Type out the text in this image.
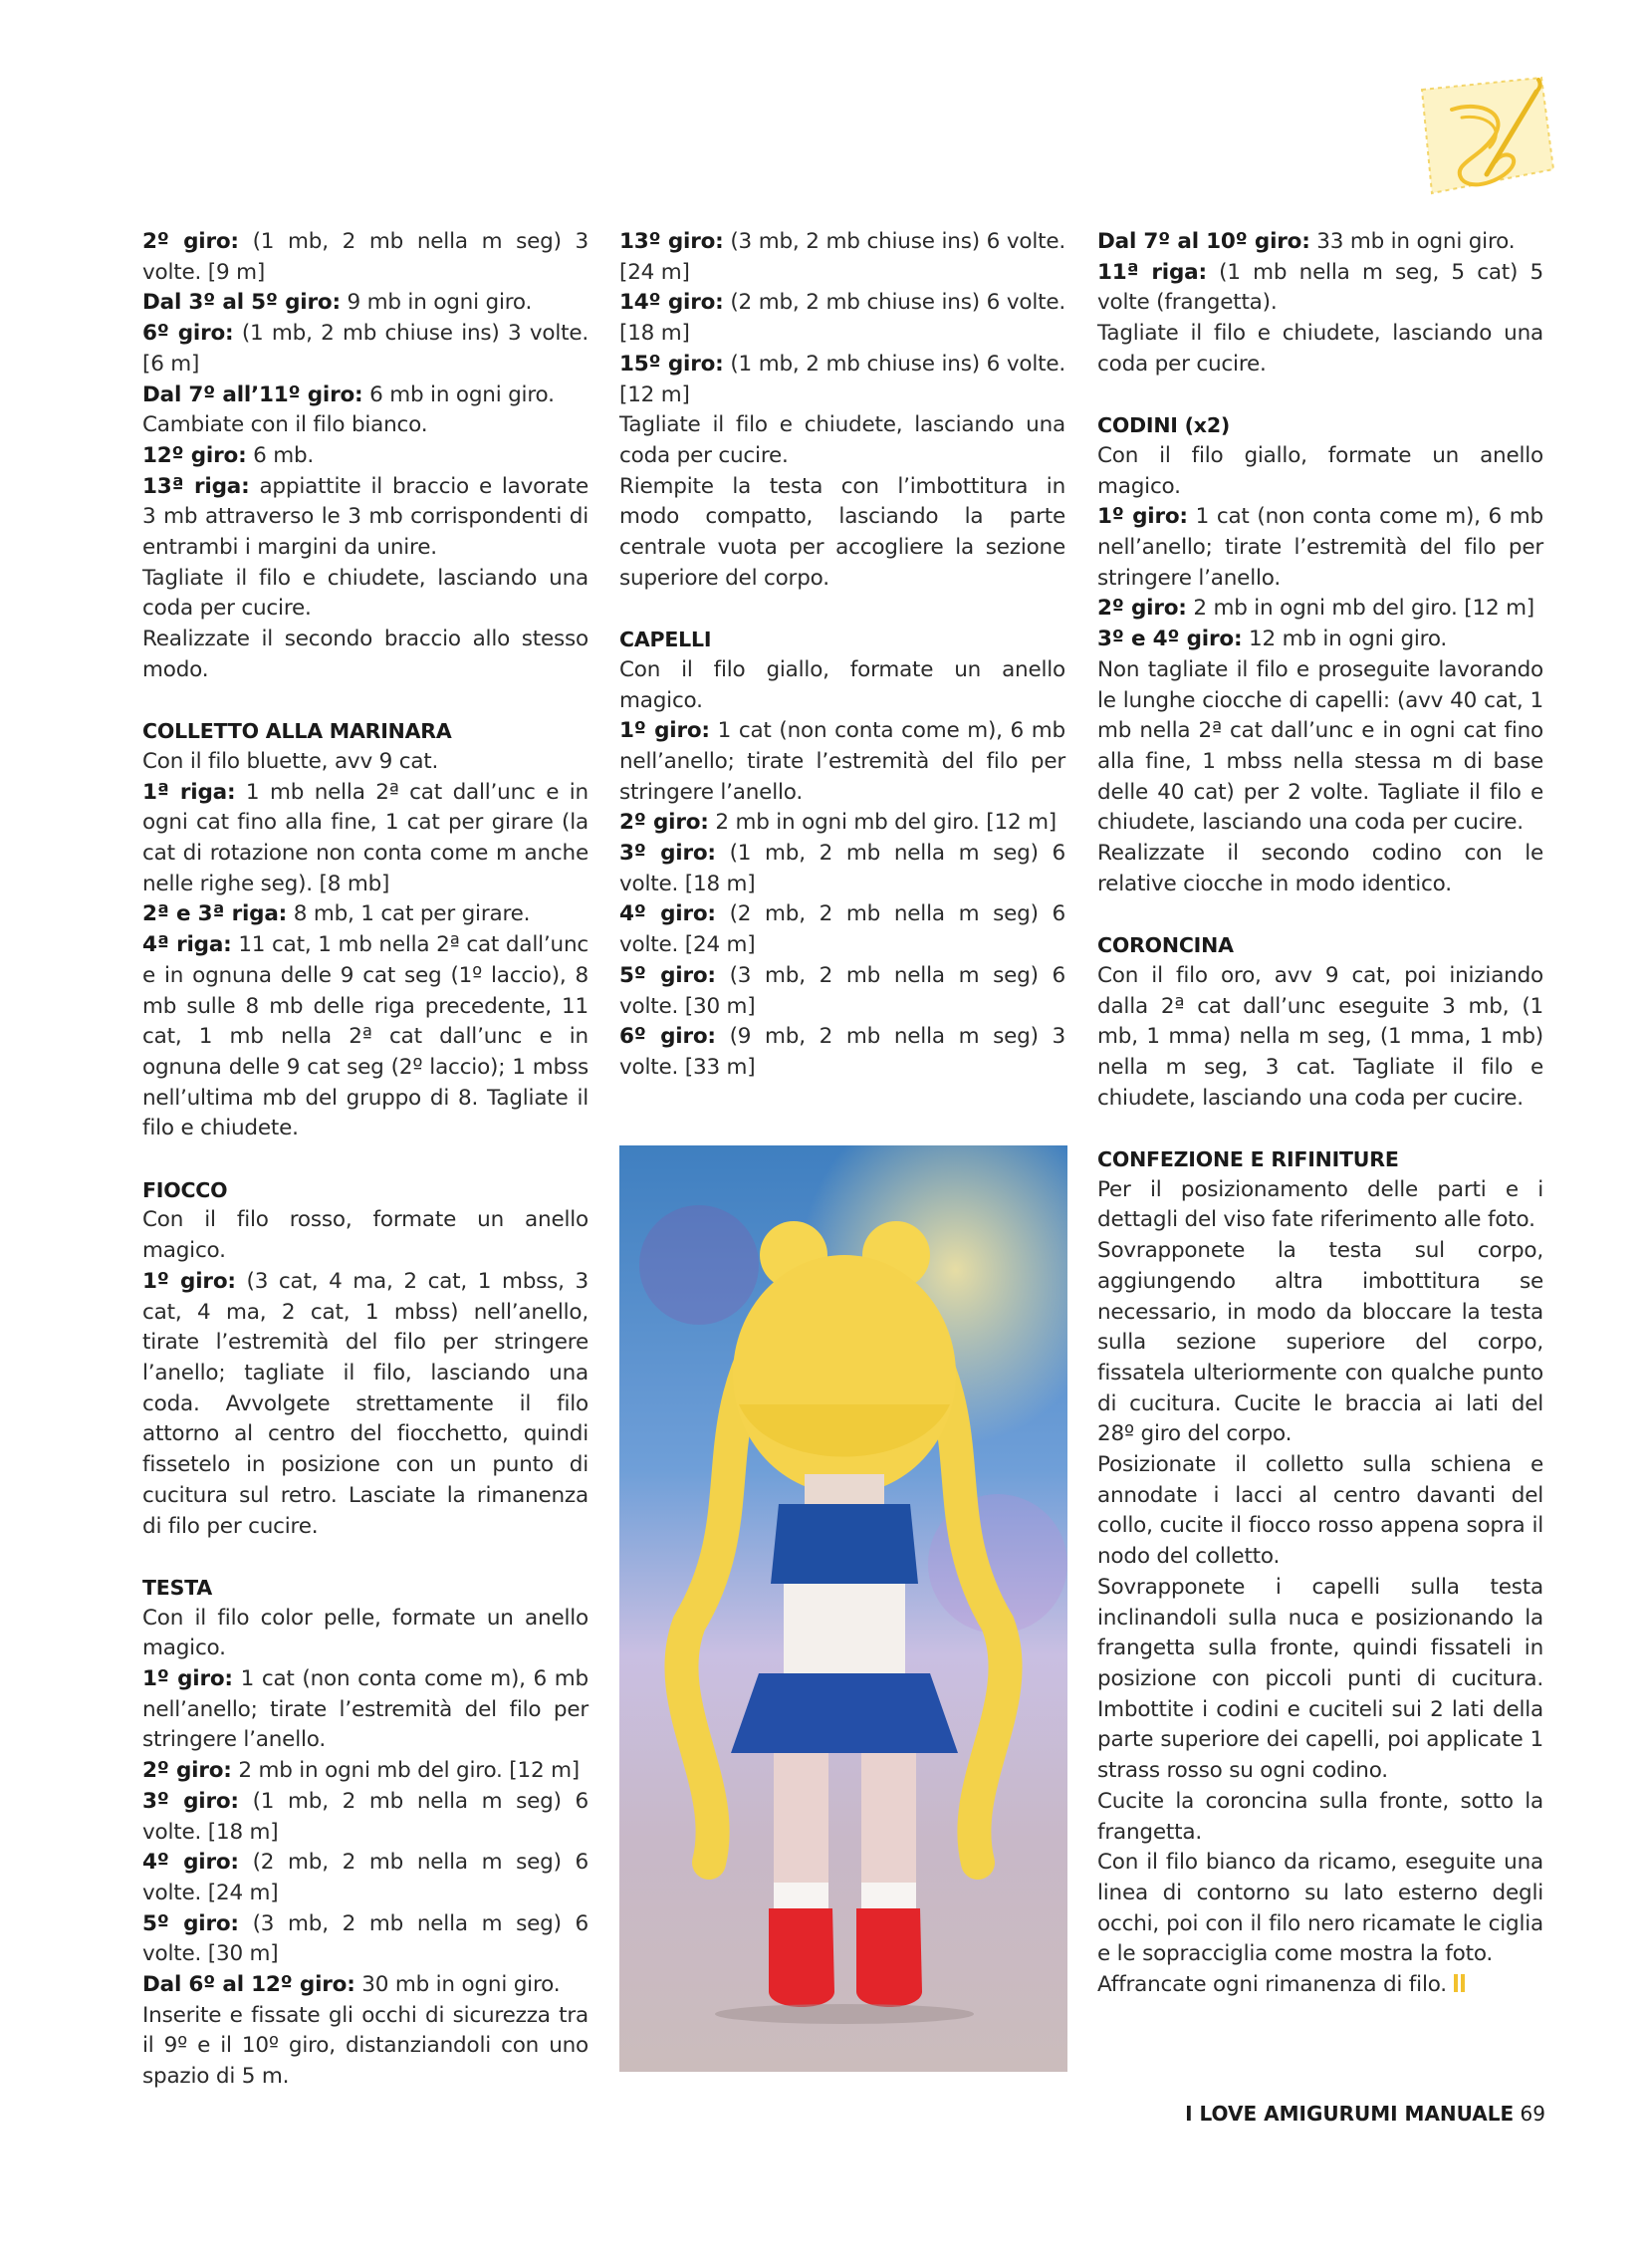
2º giro: (1 mb, 2 mb nella m seg) 3 volte. [9 m]

Dal 3º al 5º giro: 9 mb in ogni giro.

6º giro: (1 mb, 2 mb chiuse ins) 3 volte. [6 m]

Dal 7º all’11º giro: 6 mb in ogni giro.

Cambiate con il filo bianco.

12º giro: 6 mb.

13ª riga: appiattite il braccio e lavorate 3 mb attraverso le 3 mb corrispondenti di entrambi i margini da unire.

Tagliate il filo e chiudete, lasciando una coda per cucire.

Realizzate il secondo braccio allo stesso modo.

COLLETTO ALLA MARINARA

Con il filo bluette, avv 9 cat.

1ª riga: 1 mb nella 2ª cat dall’unc e in ogni cat fino alla fine, 1 cat per girare (la cat di rotazione non conta come m anche nelle righe seg). [8 mb]

2ª e 3ª riga: 8 mb, 1 cat per girare.

4ª riga: 11 cat, 1 mb nella 2ª cat dall’unc e in ognuna delle 9 cat seg (1º laccio), 8 mb sulle 8 mb delle riga precedente, 11 cat, 1 mb nella 2ª cat dall’unc e in ognuna delle 9 cat seg (2º laccio); 1 mbss nell’ultima mb del gruppo di 8. Tagliate il filo e chiudete.

FIOCCO

Con il filo rosso, formate un anello magico.

1º giro: (3 cat, 4 ma, 2 cat, 1 mbss, 3 cat, 4 ma, 2 cat, 1 mbss) nell’anello, tirate l’estremità del filo per stringere l’anello; tagliate il filo, lasciando una coda. Avvolgete strettamente il filo attorno al centro del fiocchetto, quindi fissetelo in posizione con un punto di cucitura sul retro. Lasciate la rimanenza di filo per cucire.

TESTA

Con il filo color pelle, formate un anello magico.

1º giro: 1 cat (non conta come m), 6 mb nell’anello; tirate l’estremità del filo per stringere l’anello.

2º giro: 2 mb in ogni mb del giro. [12 m]

3º giro: (1 mb, 2 mb nella m seg) 6 volte. [18 m]

4º giro: (2 mb, 2 mb nella m seg) 6 volte. [24 m]

5º giro: (3 mb, 2 mb nella m seg) 6 volte. [30 m]

Dal 6º al 12º giro: 30 mb in ogni giro.

Inserite e fissate gli occhi di sicurezza tra il 9º e il 10º giro, distanziandoli con uno spazio di 5 m.

13º giro: (3 mb, 2 mb chiuse ins) 6 volte. [24 m]

14º giro: (2 mb, 2 mb chiuse ins) 6 volte. [18 m]

15º giro: (1 mb, 2 mb chiuse ins) 6 volte. [12 m]

Tagliate il filo e chiudete, lasciando una coda per cucire.

Riempite la testa con l’imbottitura in modo compatto, lasciando la parte centrale vuota per accogliere la sezione superiore del corpo.

CAPELLI

Con il filo giallo, formate un anello magico.

1º giro: 1 cat (non conta come m), 6 mb nell’anello; tirate l’estremità del filo per stringere l’anello.

2º giro: 2 mb in ogni mb del giro. [12 m]

3º giro: (1 mb, 2 mb nella m seg) 6 volte. [18 m]

4º giro: (2 mb, 2 mb nella m seg) 6 volte. [24 m]

5º giro: (3 mb, 2 mb nella m seg) 6 volte. [30 m]

6º giro: (9 mb, 2 mb nella m seg) 3 volte. [33 m]

Dal 7º al 10º giro: 33 mb in ogni giro.

11ª riga: (1 mb nella m seg, 5 cat) 5 volte (frangetta).

Tagliate il filo e chiudete, lasciando una coda per cucire.

CODINI (x2)

Con il filo giallo, formate un anello magico.

1º giro: 1 cat (non conta come m), 6 mb nell’anello; tirate l’estremità del filo per stringere l’anello.

2º giro: 2 mb in ogni mb del giro. [12 m]

3º e 4º giro: 12 mb in ogni giro.

Non tagliate il filo e proseguite lavorando le lunghe ciocche di capelli: (avv 40 cat, 1 mb nella 2ª cat dall’unc e in ogni cat fino alla fine, 1 mbss nella stessa m di base delle 40 cat) per 2 volte. Tagliate il filo e chiudete, lasciando una coda per cucire.

Realizzate il secondo codino con le relative ciocche in modo identico.

CORONCINA

Con il filo oro, avv 9 cat, poi iniziando dalla 2ª cat dall’unc eseguite 3 mb, (1 mb, 1 mma) nella m seg, (1 mma, 1 mb) nella m seg, 3 cat. Tagliate il filo e chiudete, lasciando una coda per cucire.

CONFEZIONE E RIFINITURE

Per il posizionamento delle parti e i dettagli del viso fate riferimento alle foto.

Sovrapponete la testa sul corpo, aggiungendo altra imbottitura se necessario, in modo da bloccare la testa sulla sezione superiore del corpo, fissatela ulteriormente con qualche punto di cucitura. Cucite le braccia ai lati del 28º giro del corpo.

Posizionate il colletto sulla schiena e annodate i lacci al centro davanti del collo, cucite il fiocco rosso appena sopra il nodo del colletto.

Sovrapponete i capelli sulla testa inclinandoli sulla nuca e posizionando la frangetta sulla fronte, quindi fissateli in posizione con piccoli punti di cucitura. Imbottite i codini e cuciteli sui 2 lati della parte superiore dei capelli, poi applicate 1 strass rosso su ogni codino.

Cucite la coroncina sulla fronte, sotto la frangetta.

Con il filo bianco da ricamo, eseguite una linea di contorno su lato esterno degli occhi, poi con il filo nero ricamate le ciglia e le sopracciglia come mostra la foto.

Affrancate ogni rimanenza di filo.

I LOVE AMIGURUMI MANUALE 69
